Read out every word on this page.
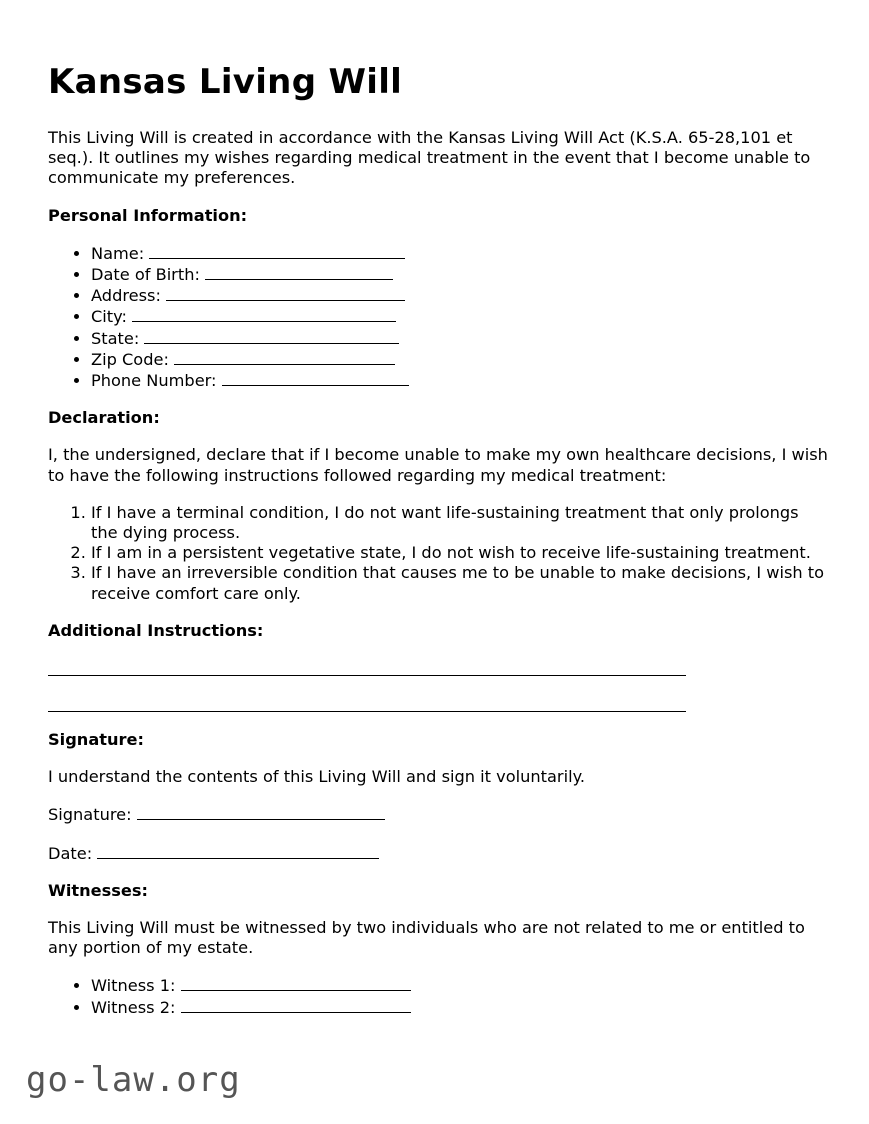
Kansas Living Will

This Living Will is created in accordance with the Kansas Living Will Act (K.S.A. 65-28,101 et seq.). It outlines my wishes regarding medical treatment in the event that I become unable to communicate my preferences.

Personal Information:

• Name:
• Date of Birth:
• Address:
• City:
• State:
• Zip Code:
• Phone Number:

Declaration:

I, the undersigned, declare that if I become unable to make my own healthcare decisions, I wish to have the following instructions followed regarding my medical treatment:

1. If I have a terminal condition, I do not want life-sustaining treatment that only prolongs the dying process.
2. If I am in a persistent vegetative state, I do not wish to receive life-sustaining treatment.
3. If I have an irreversible condition that causes me to be unable to make decisions, I wish to receive comfort care only.

Additional Instructions:

Signature:

I understand the contents of this Living Will and sign it voluntarily.

Signature:

Date:

Witnesses:

This Living Will must be witnessed by two individuals who are not related to me or entitled to any portion of my estate.

• Witness 1:
• Witness 2:
go-law.org
